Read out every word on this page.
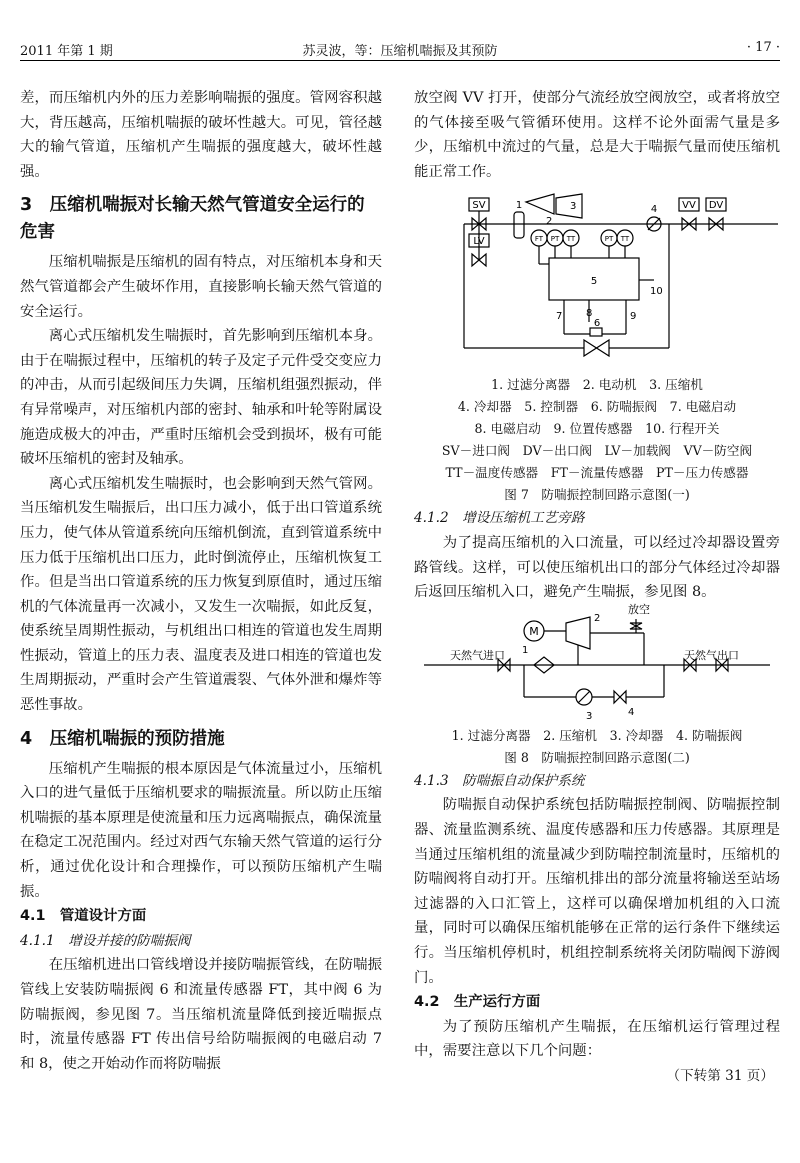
2011 年第 1 期	苏灵波，等：压缩机喘振及其预防	· 17 ·

差，而压缩机内外的压力差影响喘振的强度。管网容积越大，背压越高，压缩机喘振的破坏性越大。可见，管径越大的输气管道，压缩机产生喘振的强度越大，破坏性越强。

3　压缩机喘振对长输天然气管道安全运行的危害

压缩机喘振是压缩机的固有特点，对压缩机本身和天然气管道都会产生破坏作用，直接影响长输天然气管道的安全运行。

离心式压缩机发生喘振时，首先影响到压缩机本身。由于在喘振过程中，压缩机的转子及定子元件受交变应力的冲击，从而引起级间压力失调，压缩机组强烈振动，伴有异常噪声，对压缩机内部的密封、轴承和叶轮等附属设施造成极大的冲击，严重时压缩机会受到损坏，极有可能破坏压缩机的密封及轴承。

离心式压缩机发生喘振时，也会影响到天然气管网。当压缩机发生喘振后，出口压力减小，低于出口管道系统压力，使气体从管道系统向压缩机倒流，直到管道系统中压力低于压缩机出口压力，此时倒流停止，压缩机恢复工作。但是当出口管道系统的压力恢复到原值时，通过压缩机的气体流量再一次减小，又发生一次喘振，如此反复，使系统呈周期性振动，与机组出口相连的管道也发生周期性振动，管道上的压力表、温度表及进口相连的管道也发生周期振动，严重时会产生管道震裂、气体外泄和爆炸等恶性事故。

4　压缩机喘振的预防措施

压缩机产生喘振的根本原因是气体流量过小，压缩机入口的进气量低于压缩机要求的喘振流量。所以防止压缩机喘振的基本原理是使流量和压力远离喘振点，确保流量在稳定工况范围内。经过对西气东输天然气管道的运行分析，通过优化设计和合理操作，可以预防压缩机产生喘振。

4.1　管道设计方面
4.1.1　增设并接的防喘振阀

在压缩机进出口管线增设并接防喘振管线，在防喘振管线上安装防喘振阀 6 和流量传感器 FT，其中阀 6 为防喘振阀，参见图 7。当压缩机流量降低到接近喘振点时，流量传感器 FT 传出信号给防喘振阀的电磁启动 7 和 8，使之开始动作而将防喘振

放空阀 VV 打开，使部分气流经放空阀放空，或者将放空的气体接至吸气管循环使用。这样不论外面需气量是多少，压缩机中流过的气量，总是大于喘振气量而使压缩机能正常工作。

SV
LV
1
2
3
FT PT TT	PT TT
4 VV DV
5
7 8	9
10
6
1. 过滤分离器　2. 电动机　3. 压缩机
4. 冷却器　5. 控制器　6. 防喘振阀　7. 电磁启动
8. 电磁启动　9. 位置传感器　10. 行程开关
SV－进口阀　DV－出口阀　LV－加载阀　VV－防空阀
TT－温度传感器　FT－流量传感器　PT－压力传感器
图 7　防喘振控制回路示意图(一)
4.1.2　增设压缩机工艺旁路

为了提高压缩机的入口流量，可以经过冷却器设置旁路管线。这样，可以使压缩机出口的部分气体经过冷却器后返回压缩机入口，避免产生喘振，参见图 8。

天然气进口	天然气出口
1
M
2
放空
3	4
1. 过滤分离器　2. 压缩机　3. 冷却器　4. 防喘振阀
图 8　防喘振控制回路示意图(二)
4.1.3　防喘振自动保护系统

防喘振自动保护系统包括防喘振控制阀、防喘振控制器、流量监测系统、温度传感器和压力传感器。其原理是当通过压缩机组的流量减少到防喘控制流量时，压缩机的防喘阀将自动打开。压缩机排出的部分流量将输送至站场过滤器的入口汇管上，这样可以确保增加机组的入口流量，同时可以确保压缩机能够在正常的运行条件下继续运行。当压缩机停机时，机组控制系统将关闭防喘阀下游阀门。

4.2　生产运行方面

为了预防压缩机产生喘振，在压缩机运行管理过程中，需要注意以下几个问题：

（下转第 31 页）
